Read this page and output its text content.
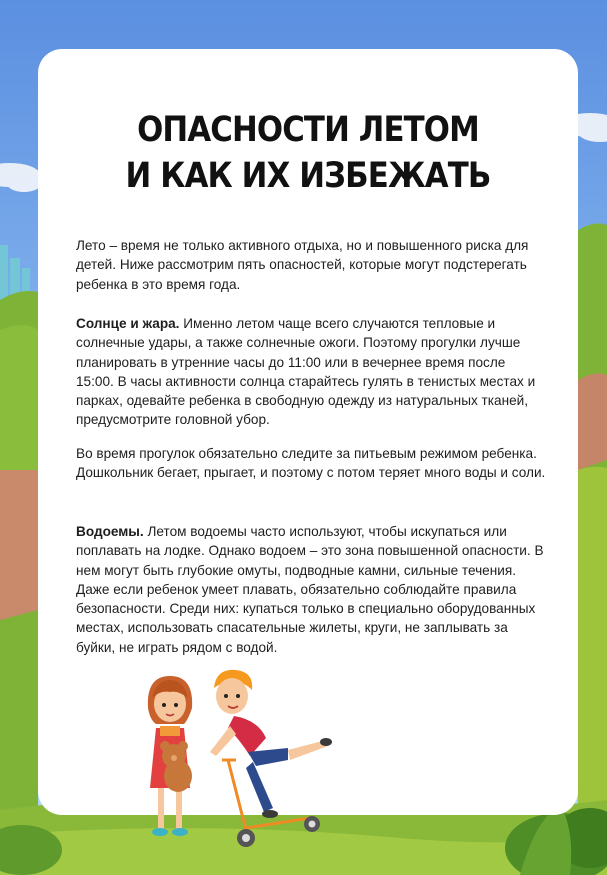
ОПАСНОСТИ ЛЕТОМ
И КАК ИХ ИЗБЕЖАТЬ
Лето – время не только активного отдыха, но и повышенного риска для детей. Ниже рассмотрим пять опасностей, которые могут подстерегать ребенка в это время года.
Солнце и жара. Именно летом чаще всего случаются тепловые и солнечные удары, а также солнечные ожоги. Поэтому прогулки лучше планировать в утренние часы до 11:00 или в вечернее время после 15:00. В часы активности солнца старайтесь гулять в тенистых местах и парках, одевайте ребенка в свободную одежду из натуральных тканей, предусмотрите головной убор.
Во время прогулок обязательно следите за питьевым режимом ребенка. Дошкольник бегает, прыгает, и поэтому с потом теряет много воды и соли.
Водоемы. Летом водоемы часто используют, чтобы искупаться или поплавать на лодке. Однако водоем – это зона повышенной опасности. В нем могут быть глубокие омуты, подводные камни, сильные течения. Даже если ребенок умеет плавать, обязательно соблюдайте правила безопасности. Среди них: купаться только в специально оборудованных местах, использовать спасательные жилеты, круги, не заплывать за буйки, не играть рядом с водой.
